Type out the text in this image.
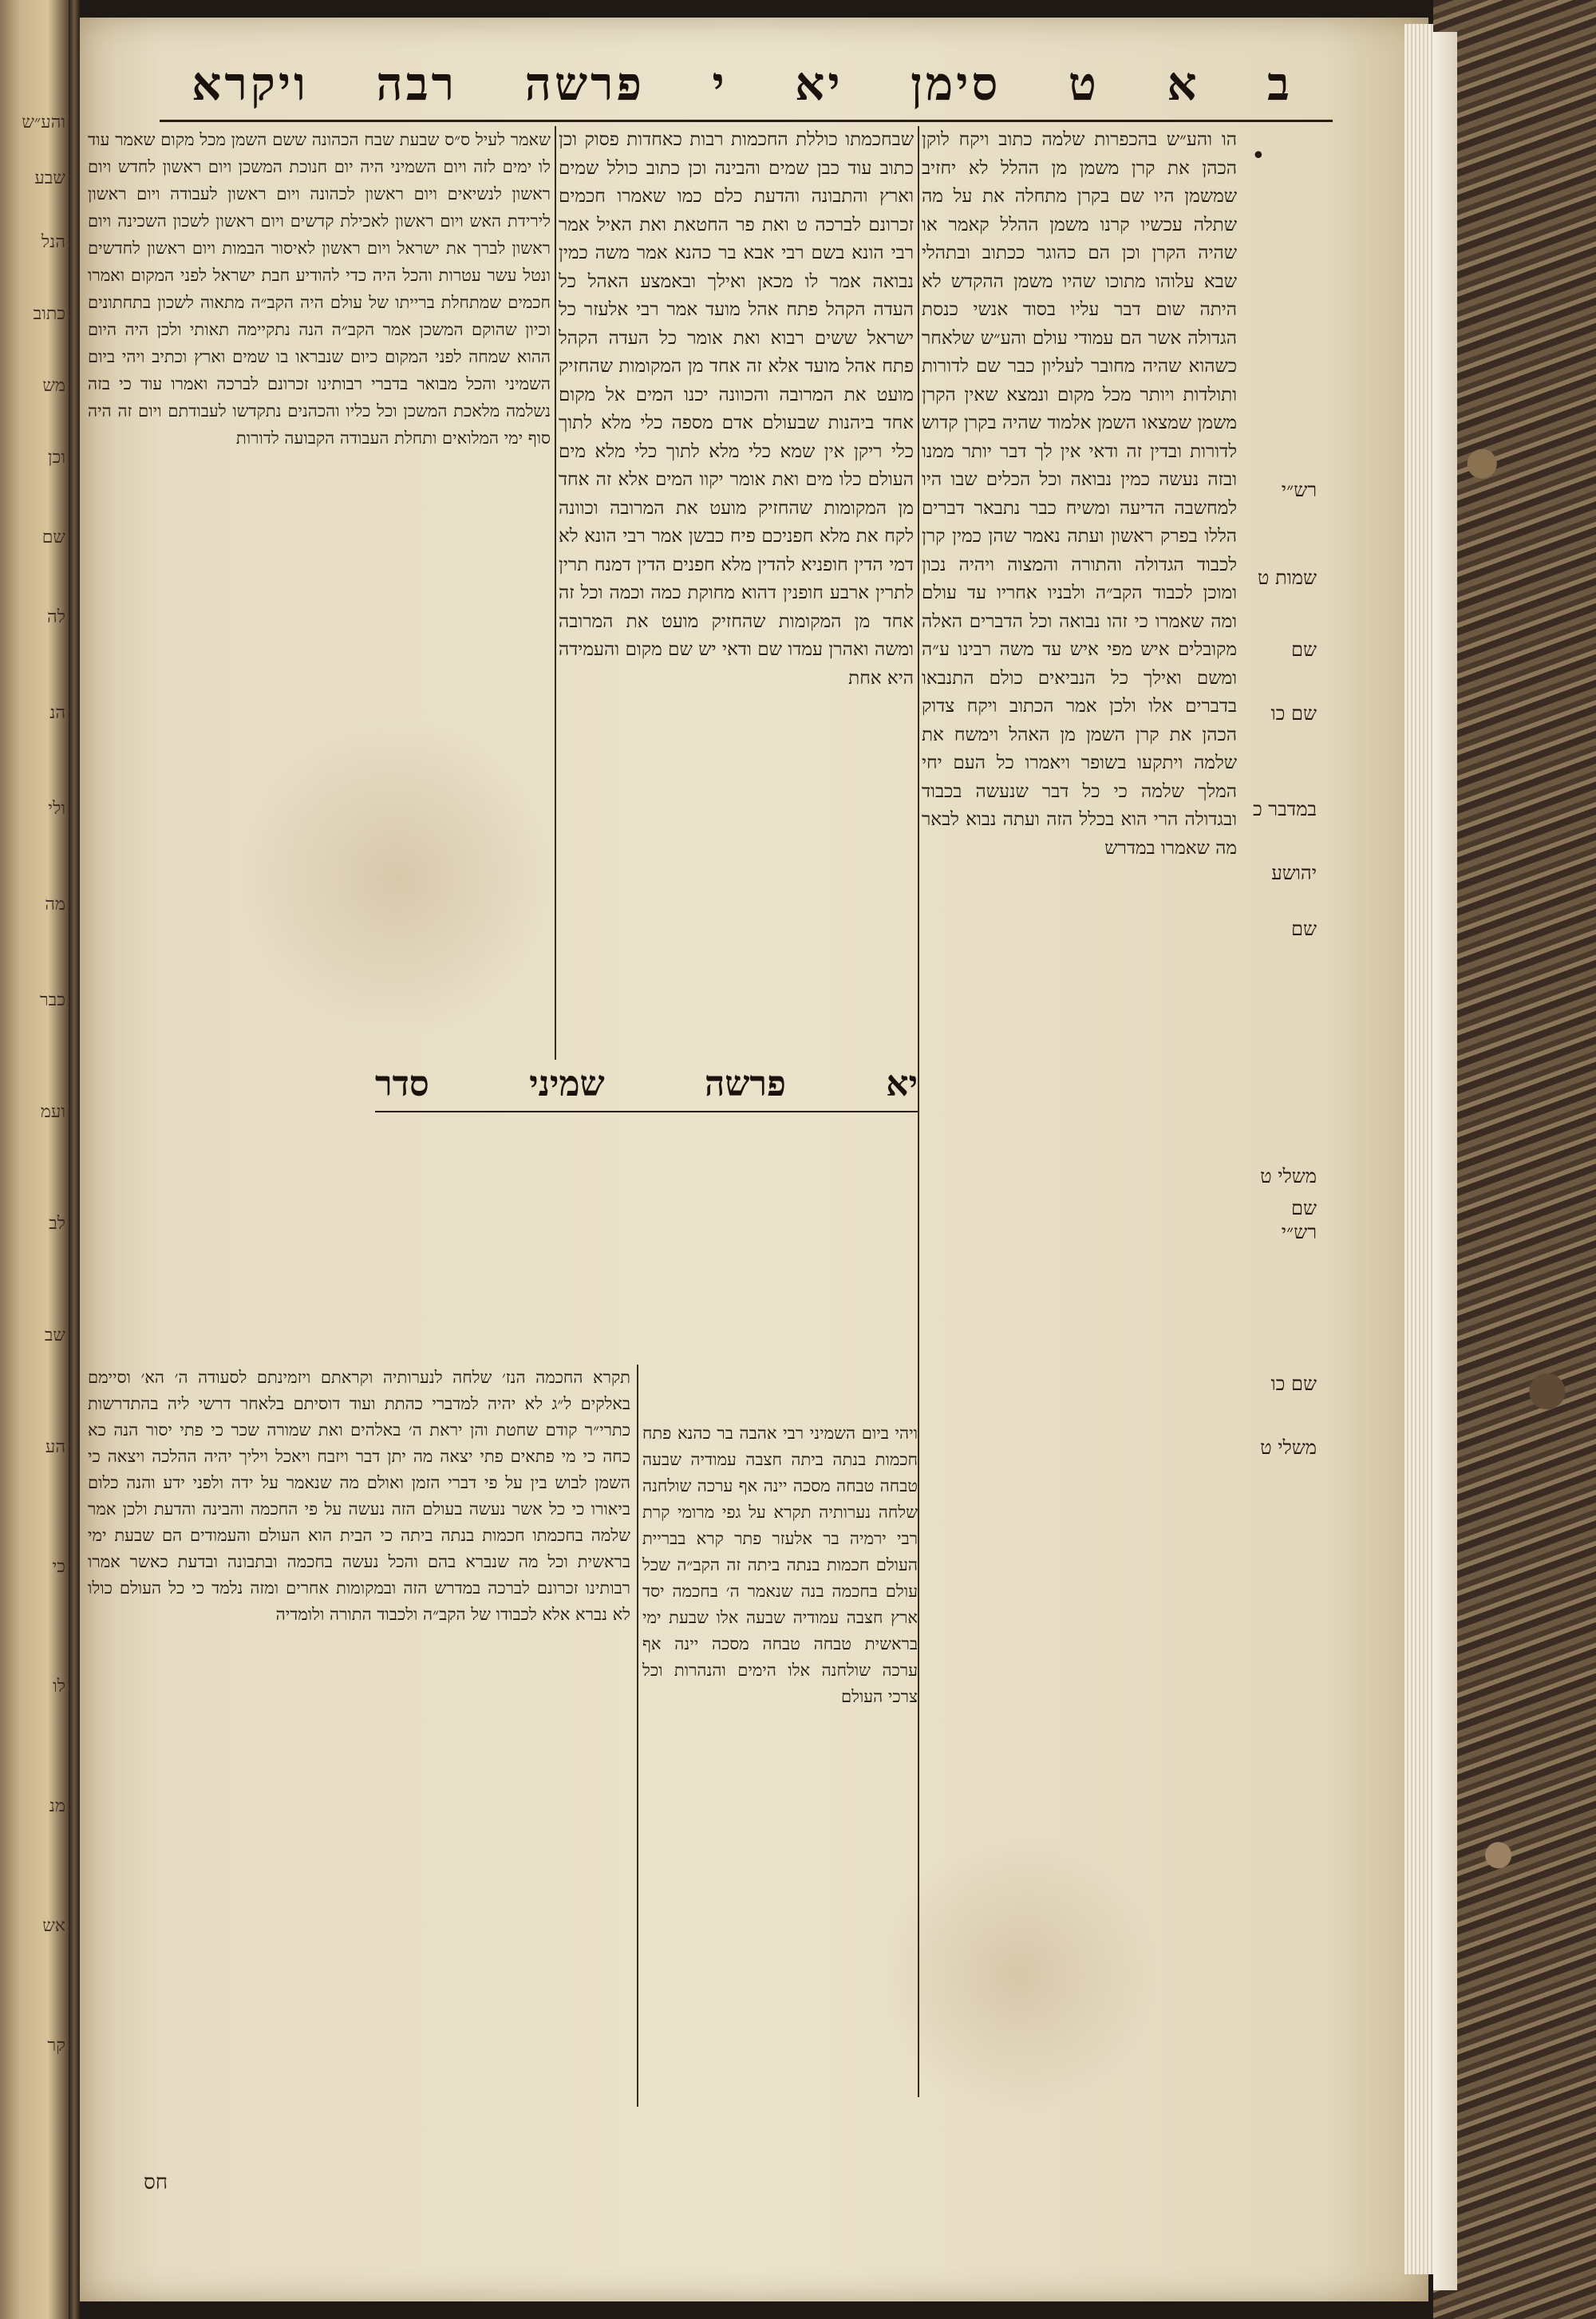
והע״ש
שבע
הנל
כתוב
מש
וכן
שם
לה
הנ
ולי
מה
כבר
ועמ
לב
שב
הע
כי
לו
מנ
אש
קר
ויקרא רבה פרשה י יא סימן ט א ב
•
רש״י
שמות ט
שם
שם כו
במדבר כ
יהושע
שם
משלי ט
שם
רש״י
שם כו
משלי ט

הו והע״ש בהכפרות שלמה כתוב ויקח לוקן הכהן את קרן משמן מן ההלל לא יחזיב שמשמן היו שם בקרן מתחלה את על מה שתלה עכשיו קרנו משמן ההלל קאמר או שהיה הקרן וכן הם כהוגר ככתוב ובתהלי שבא עלוהו מתוכו שהיו משמן ההקדש לא היתה שום דבר עליו בסוד אנשי כנסת הגדולה אשר הם עמודי עולם והע״ש שלאחר כשהוא שהיה מחובר לעליון כבר שם לדורות ותולדות ויותר מכל מקום ונמצא שאין הקרן משמן שמצאו השמן אלמוד שהיה בקרן קדוש לדורות ובדין זה ודאי אין לך דבר יותר ממנו ובזה נעשה כמין נבואה וכל הכלים שבו היו למחשבה הדיעה ומשיח כבר נתבאר דברים הללו בפרק ראשון ועתה נאמר שהן כמין קרן לכבוד הגדולה והתורה והמצוה ויהיה נכון ומוכן לכבוד הקב״ה ולבניו אחריו עד עולם ומה שאמרו כי זהו נבואה וכל הדברים האלה מקובלים איש מפי איש עד משה רבינו ע״ה ומשם ואילך כל הנביאים כולם התנבאו בדברים אלו ולכן אמר הכתוב ויקח צדוק הכהן את קרן השמן מן האהל וימשח את שלמה ויתקעו בשופר ויאמרו כל העם יחי המלך שלמה כי כל דבר שנעשה בכבוד ובגדולה הרי הוא בכלל הזה ועתה נבוא לבאר מה שאמרו במדרש

שבחכמתו כוללת החכמות רבות כאחדות פסוק וכן כתוב עוד כבן שמים והבינה וכן כתוב כולל שמים וארץ והתבונה והדעת כלם כמו שאמרו חכמים זכרונם לברכה ט ואת פר החטאת ואת האיל אמר רבי הונא בשם רבי אבא בר כהנא אמר משה כמין נבואה אמר לו מכאן ואילך ובאמצע האהל כל העדה הקהל פתח אהל מועד אמר רבי אלעזר כל ישראל ששים רבוא ואת אומר כל העדה הקהל פתח אהל מועד אלא זה אחד מן המקומות שהחזיק מועט את המרובה והכוונה יכנו המים אל מקום אחד ביהנות שבעולם אדם מספה כלי מלא לתוך כלי ריקן אין שמא כלי מלא לתוך כלי מלא מים העולם כלו מים ואת אומר יקוו המים אלא זה אחד מן המקומות שהחזיק מועט את המרובה וכוונה לקח את מלא חפניכם פיח כבשן אמר רבי הונא לא דמי הדין חופניא להדין מלא חפנים הדין דמנח תרין לתרין ארבע חופנין דהוא מחוקת כמה וכמה וכל זה אחד מן המקומות שהחזיק מועט את המרובה ומשה ואהרן עמדו שם ודאי יש שם מקום והעמידה היא אחת

שאמר לעיל ס״ס שבעת שבח הכהונה ששם השמן מכל מקום שאמר עוד לו ימים לזה ויום השמיני היה יום חנוכת המשכן ויום ראשון לחדש ויום ראשון לנשיאים ויום ראשון לכהונה ויום ראשון לעבודה ויום ראשון לירידת האש ויום ראשון לאכילת קדשים ויום ראשון לשכון השכינה ויום ראשון לברך את ישראל ויום ראשון לאיסור הבמות ויום ראשון לחדשים ונטל עשר עטרות והכל היה כדי להודיע חבת ישראל לפני המקום ואמרו חכמים שמתחלת ברייתו של עולם היה הקב״ה מתאוה לשכון בתחתונים וכיון שהוקם המשכן אמר הקב״ה הנה נתקיימה תאותי ולכן היה היום ההוא שמחה לפני המקום כיום שנבראו בו שמים וארץ וכתיב ויהי ביום השמיני והכל מבואר בדברי רבותינו זכרונם לברכה ואמרו עוד כי בזה נשלמה מלאכת המשכן וכל כליו והכהנים נתקדשו לעבודתם ויום זה היה סוף ימי המלואים ותחלת העבודה הקבועה לדורות

סדר	שמיני	פרשה	יא

ויהי ביום השמיני רבי אהבה בר כהנא פתח חכמות בנתה ביתה חצבה עמודיה שבעה טבחה טבחה מסכה יינה אף ערכה שולחנה שלחה נערותיה תקרא על גפי מרומי קרת רבי ירמיה בר אלעזר פתר קרא בבריית העולם חכמות בנתה ביתה זה הקב״ה שכל עולם בחכמה בנה שנאמר ה׳ בחכמה יסד ארץ חצבה עמודיה שבעה אלו שבעת ימי בראשית טבחה טבחה מסכה יינה אף ערכה שולחנה אלו הימים והנהרות וכל צרכי העולם

תקרא החכמה הנז׳ שלחה לנערותיה וקראתם ויזמינתם לסעודה ה׳ הא׳ וסיימם באלקים ל״ג לא יהיה למדברי כהתת ועוד דוסיתם בלאחר דרשי ליה בהתדרשות כתרי״ר קודם שחטת והן יראת ה׳ באלהים ואת שמורה שכר כי פתי יסור הנה כא כחה כי מי פתאים פתי יצאה מה יתן דבר ויזבח ויאכל ויליך יהיה ההלכה ויצאה כי השמן לבוש בין על פי דברי הזמן ואולם מה שנאמר על ידה ולפני ידע והנה כלום ביאורו כי כל אשר נעשה בעולם הזה נעשה על פי החכמה והבינה והדעת ולכן אמר שלמה בחכמתו חכמות בנתה ביתה כי הבית הוא העולם והעמודים הם שבעת ימי בראשית וכל מה שנברא בהם והכל נעשה בחכמה ובתבונה ובדעת כאשר אמרו רבותינו זכרונם לברכה במדרש הזה ובמקומות אחרים ומזה נלמד כי כל העולם כולו לא נברא אלא לכבודו של הקב״ה ולכבוד התורה ולומדיה

חס
